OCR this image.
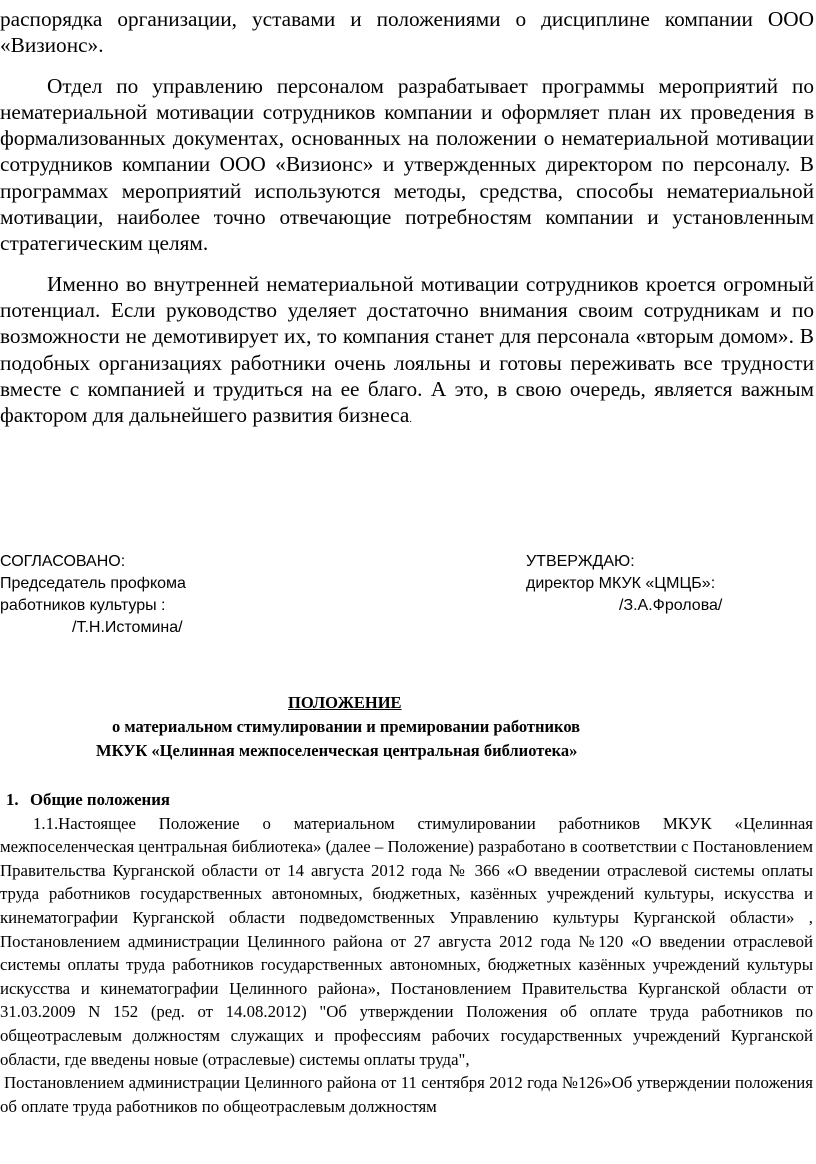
распорядка организации, уставами и положениями о дисциплине компании ООО «Визионс».

Отдел по управлению персоналом разрабатывает программы мероприятий по нематериальной мотивации сотрудников компании и оформляет план их проведения в формализованных документах, основанных на положении о нематериальной мотивации сотрудников компании ООО «Визионс» и утвержденных директором по персоналу. В программах мероприятий используются методы, средства, способы нематериальной мотивации, наиболее точно отвечающие потребностям компании и установленным стратегическим целям.

Именно во внутренней нематериальной мотивации сотрудников кроется огромный потенциал. Если руководство уделяет достаточно внимания своим сотрудникам и по возможности не демотивирует их, то компания станет для персонала «вторым домом». В подобных организациях работники очень лояльны и готовы переживать все трудности вместе с компанией и трудиться на ее благо. А это, в свою очередь, является важным фактором для дальнейшего развития бизнеса.

СОГЛАСОВАНО:	УТВЕРЖДАЮ:
Председатель профкома	директор МКУК «ЦМЦБ»:
работников культуры :	/З.А.Фролова/
/Т.Н.Истомина/
ПОЛОЖЕНИЕ
о материальном стимулировании и премировании работников
МКУК «Целинная межпоселенческая центральная библиотека»
1. Общие положения

1.1.Настоящее Положение о материальном стимулировании работников МКУК «Целинная межпоселенческая центральная библиотека» (далее – Положение) разработано в соответствии с Постановлением Правительства Курганской области от 14 августа 2012 года № 366 «О введении отраслевой системы оплаты труда работников государственных автономных, бюджетных, казённых учреждений культуры, искусства и кинематографии Курганской области подведомственных Управлению культуры Курганской области» , Постановлением администрации Целинного района от 27 августа 2012 года №120 «О введении отраслевой системы оплаты труда работников государственных автономных, бюджетных казённых учреждений культуры искусства и кинематографии Целинного района», Постановлением Правительства Курганской области от 31.03.2009 N 152 (ред. от 14.08.2012) "Об утверждении Положения об оплате труда работников по общеотраслевым должностям служащих и профессиям рабочих государственных учреждений Курганской области, где введены новые (отраслевые) системы оплаты труда",

Постановлением администрации Целинного района от 11 сентября 2012 года №126»Об утверждении положения об оплате труда работников по общеотраслевым должностям
